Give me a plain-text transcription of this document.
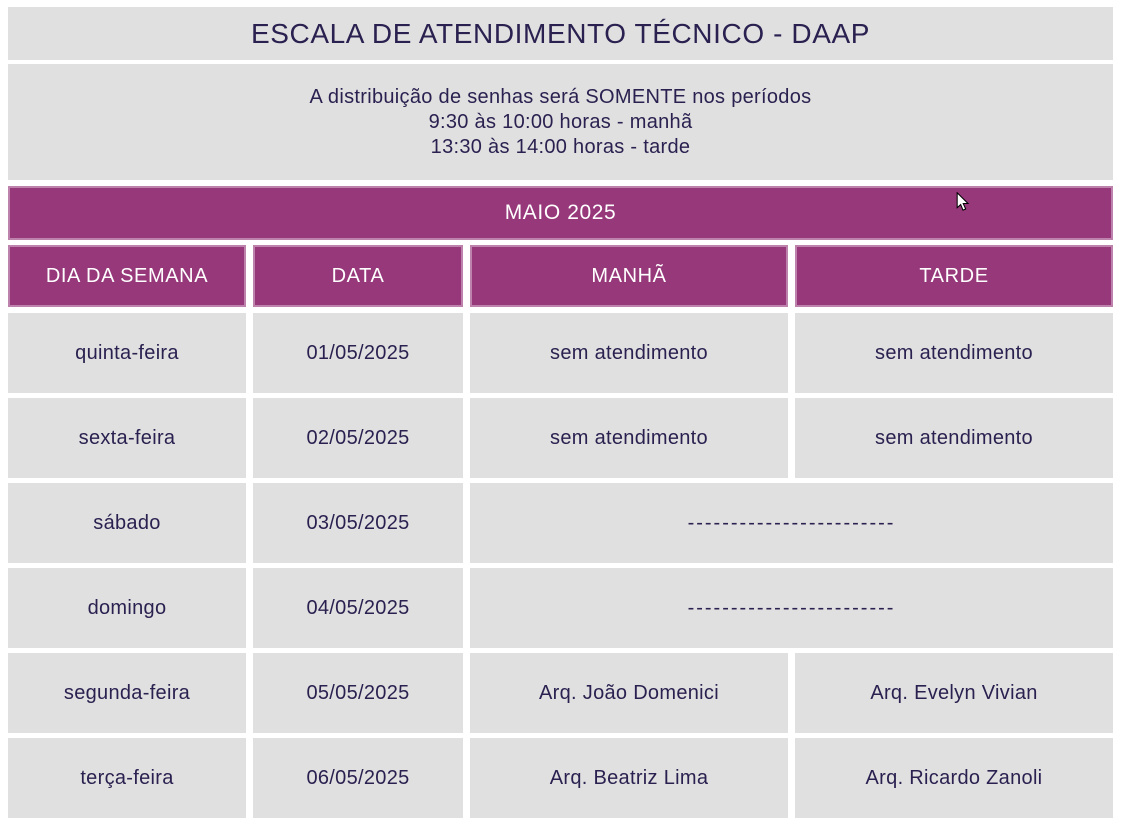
ESCALA DE ATENDIMENTO TÉCNICO - DAAP

A distribuição de senhas será SOMENTE nos períodos

9:30 às 10:00 horas - manhã

13:30 às 14:00 horas - tarde

MAIO 2025
DIA DA SEMANA	DATA	MANHÃ	TARDE
quinta-feira	01/05/2025	sem atendimento	sem atendimento
sexta-feira	02/05/2025	sem atendimento	sem atendimento
sábado	03/05/2025	------------------------
domingo	04/05/2025	------------------------
segunda-feira	05/05/2025	Arq. João Domenici	Arq. Evelyn Vivian
terça-feira	06/05/2025	Arq. Beatriz Lima	Arq. Ricardo Zanoli
